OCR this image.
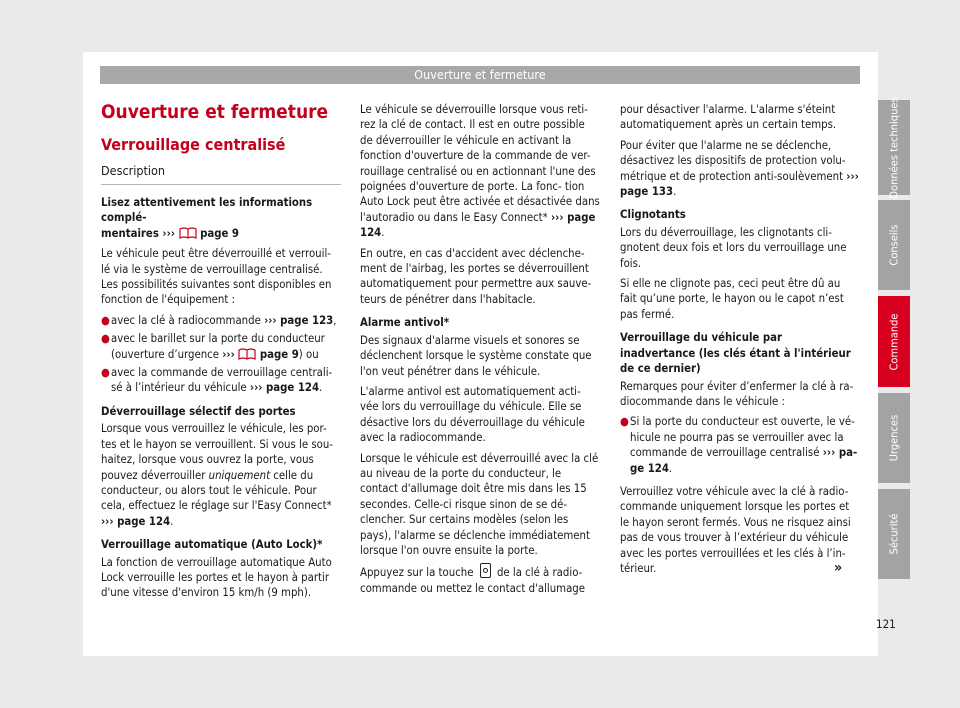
Ouverture et fermeture
Ouverture et fermeture
Verrouillage centralisé
Description

Lisez attentivement les informations complé-
mentaires ›››  page 9

Le véhicule peut être déverrouillé et verrouil- lé via le système de verrouillage centralisé. Les possibilités suivantes sont disponibles en fonction de l'équipement :

● avec la clé à radiocommande ››› page 123,
● avec le barillet sur la porte du conducteur (ouverture d’urgence ›››  page 9) ou
● avec la commande de verrouillage centrali- sé à l’intérieur du véhicule ››› page 124.

Déverrouillage sélectif des portes

Lorsque vous verrouillez le véhicule, les por- tes et le hayon se verrouillent. Si vous le sou- haitez, lorsque vous ouvrez la porte, vous pouvez déverrouiller uniquement celle du conducteur, ou alors tout le véhicule. Pour cela, effectuez le réglage sur l'Easy Connect* ››› page 124.

Verrouillage automatique (Auto Lock)*

La fonction de verrouillage automatique Auto Lock verrouille les portes et le hayon à partir d'une vitesse d'environ 15 km/h (9 mph).

Le véhicule se déverrouille lorsque vous reti- rez la clé de contact. Il est en outre possible de déverrouiller le véhicule en activant la fonction d'ouverture de la commande de ver- rouillage centralisé ou en actionnant l'une des poignées d'ouverture de porte. La fonc- tion Auto Lock peut être activée et désactivée dans l'autoradio ou dans le Easy Connect* ››› page 124.

En outre, en cas d'accident avec déclenche- ment de l'airbag, les portes se déverrouillent automatiquement pour permettre aux sauve- teurs de pénétrer dans l'habitacle.

Alarme antivol*

Des signaux d'alarme visuels et sonores se déclenchent lorsque le système constate que l'on veut pénétrer dans le véhicule.

L'alarme antivol est automatiquement acti- vée lors du verrouillage du véhicule. Elle se désactive lors du déverrouillage du véhicule avec la radiocommande.

Lorsque le véhicule est déverrouillé avec la clé au niveau de la porte du conducteur, le contact d'allumage doit être mis dans les 15 secondes. Celle-ci risque sinon de se dé- clencher. Sur certains modèles (selon les pays), l'alarme se déclenche immédiatement lorsque l'on ouvre ensuite la porte.

Appuyez sur la touche  de la clé à radio- commande ou mettez le contact d'allumage

pour désactiver l'alarme. L'alarme s'éteint automatiquement après un certain temps.

Pour éviter que l'alarme ne se déclenche, désactivez les dispositifs de protection volu- métrique et de protection anti-soulèvement ››› page 133.

Clignotants

Lors du déverrouillage, les clignotants cli- gnotent deux fois et lors du verrouillage une fois.

Si elle ne clignote pas, ceci peut être dû au fait qu’une porte, le hayon ou le capot n’est pas fermé.

Verrouillage du véhicule par inadvertance (les clés étant à l'intérieur de ce dernier)

Remarques pour éviter d’enfermer la clé à ra- diocommande dans le véhicule :

● Si la porte du conducteur est ouverte, le vé- hicule ne pourra pas se verrouiller avec la commande de verrouillage centralisé ››› pa- ge 124.

Verrouillez votre véhicule avec la clé à radio- commande uniquement lorsque les portes et le hayon seront fermés. Vous ne risquez ainsi pas de vous trouver à l’extérieur du véhicule avec les portes verrouillées et les clés à l’in- térieur.	»
Données techniques
Conseils
Commande
Urgences
Sécurité
121
